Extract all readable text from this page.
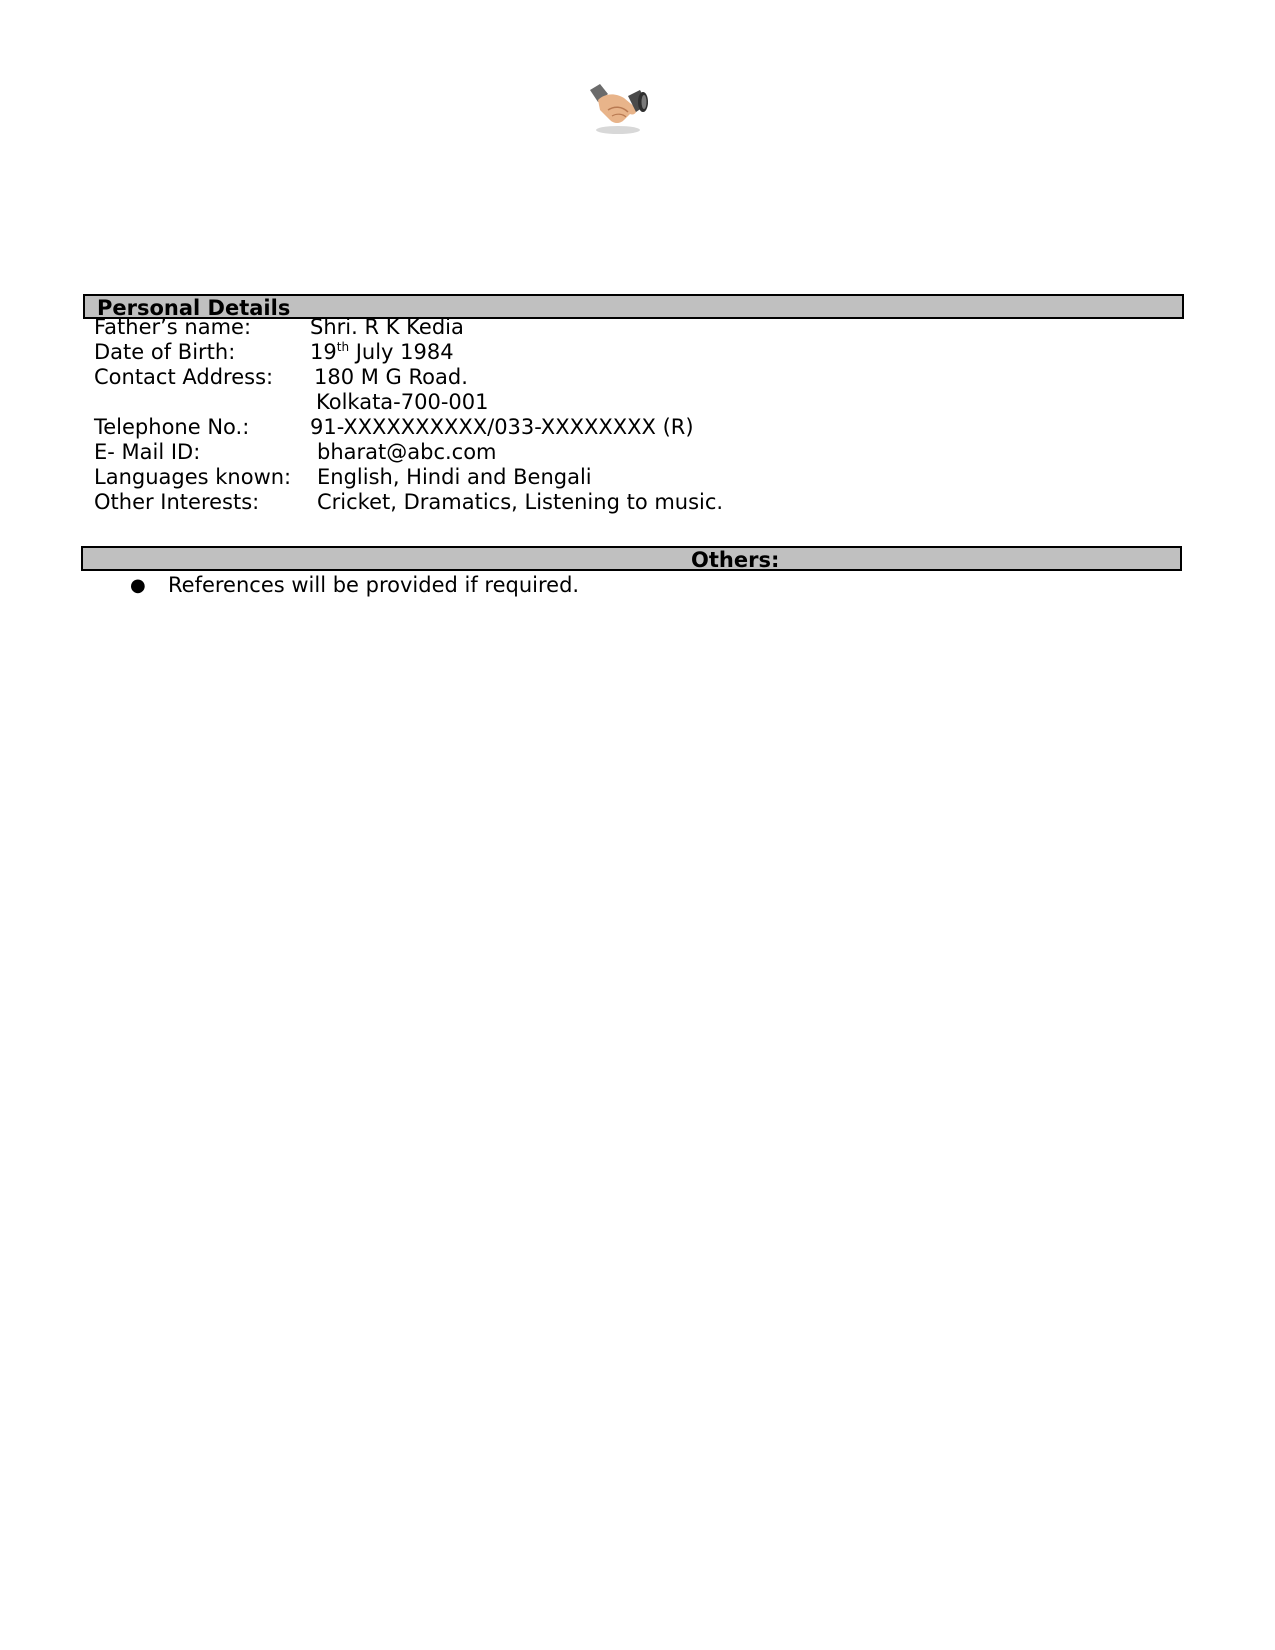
Personal Details
Father’s name:	Shri. R K Kedia
Date of Birth:	19th July 1984
Contact Address: 180 M G Road.
Kolkata-700-001
Telephone No.:	91-XXXXXXXXXX/033-XXXXXXXX (R)
E- Mail ID:	bharat@abc.com
Languages known: English, Hindi and Bengali
Other Interests:	Cricket, Dramatics, Listening to music.
Others:
● References will be provided if required.
